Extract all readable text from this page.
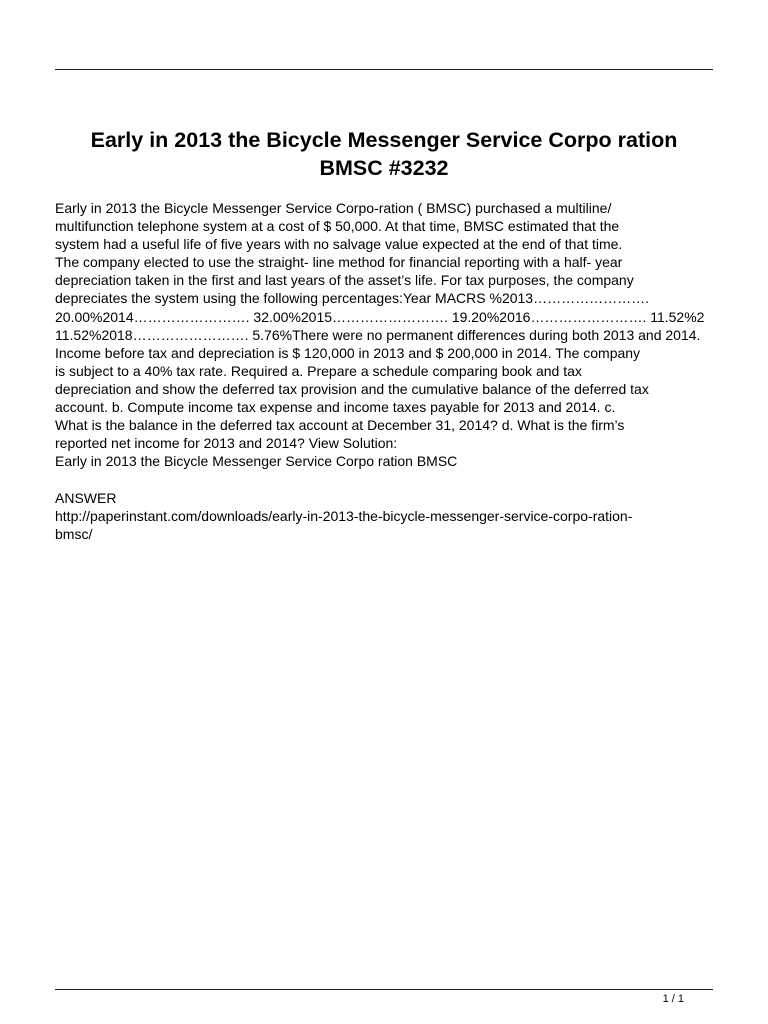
Early in 2013 the Bicycle Messenger Service Corpo ration
BMSC #3232
Early in 2013 the Bicycle Messenger Service Corpo-ration ( BMSC) purchased a multiline/
multifunction telephone system at a cost of $ 50,000. At that time, BMSC estimated that the
system had a useful life of five years with no salvage value expected at the end of that time.
The company elected to use the straight- line method for financial reporting with a half- year
depreciation taken in the first and last years of the asset’s life. For tax purposes, the company
depreciates the system using the following percentages:Year MACRS %2013…………………….
20.00%2014……………………. 32.00%2015……………………. 19.20%2016……………………. 11.52%2
11.52%2018……………………. 5.76%There were no permanent differences during both 2013 and 2014.
Income before tax and depreciation is $ 120,000 in 2013 and $ 200,000 in 2014. The company
is subject to a 40% tax rate. Required a. Prepare a schedule comparing book and tax
depreciation and show the deferred tax provision and the cumulative balance of the deferred tax
account. b. Compute income tax expense and income taxes payable for 2013 and 2014. c.
What is the balance in the deferred tax account at December 31, 2014? d. What is the firm’s
reported net income for 2013 and 2014? View Solution:
Early in 2013 the Bicycle Messenger Service Corpo ration BMSC
ANSWER
http://paperinstant.com/downloads/early-in-2013-the-bicycle-messenger-service-corpo-ration-
bmsc/
1 / 1
